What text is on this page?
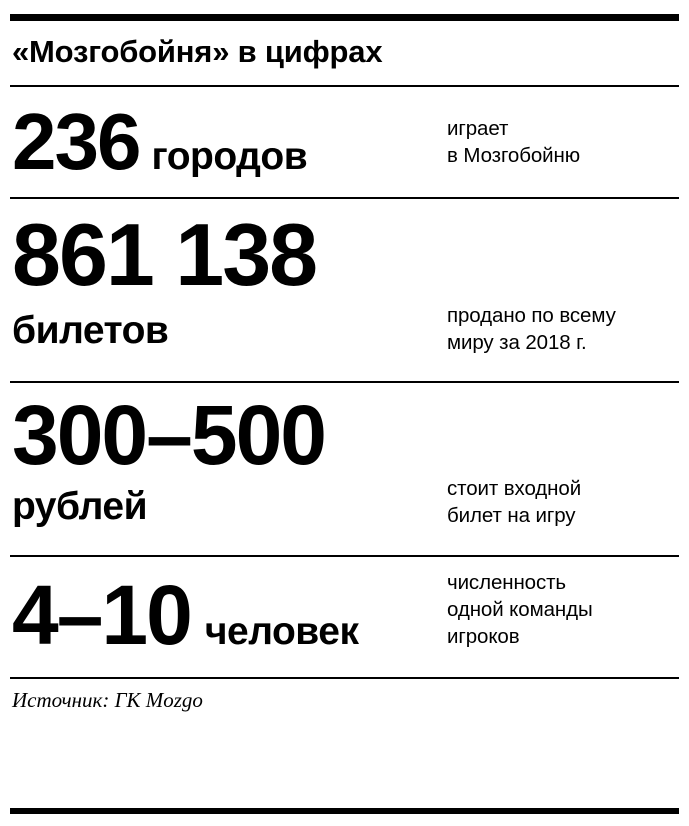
«Мозгобойня» в цифрах
236 городов
играет
в Мозгобойню
861 138
билетов	продано по всему
миру за 2018 г.
300–500
рублей	стоит входной
билет на игру
4–10 человек
численность
одной команды
игроков
Источник: ГК Mozgo
